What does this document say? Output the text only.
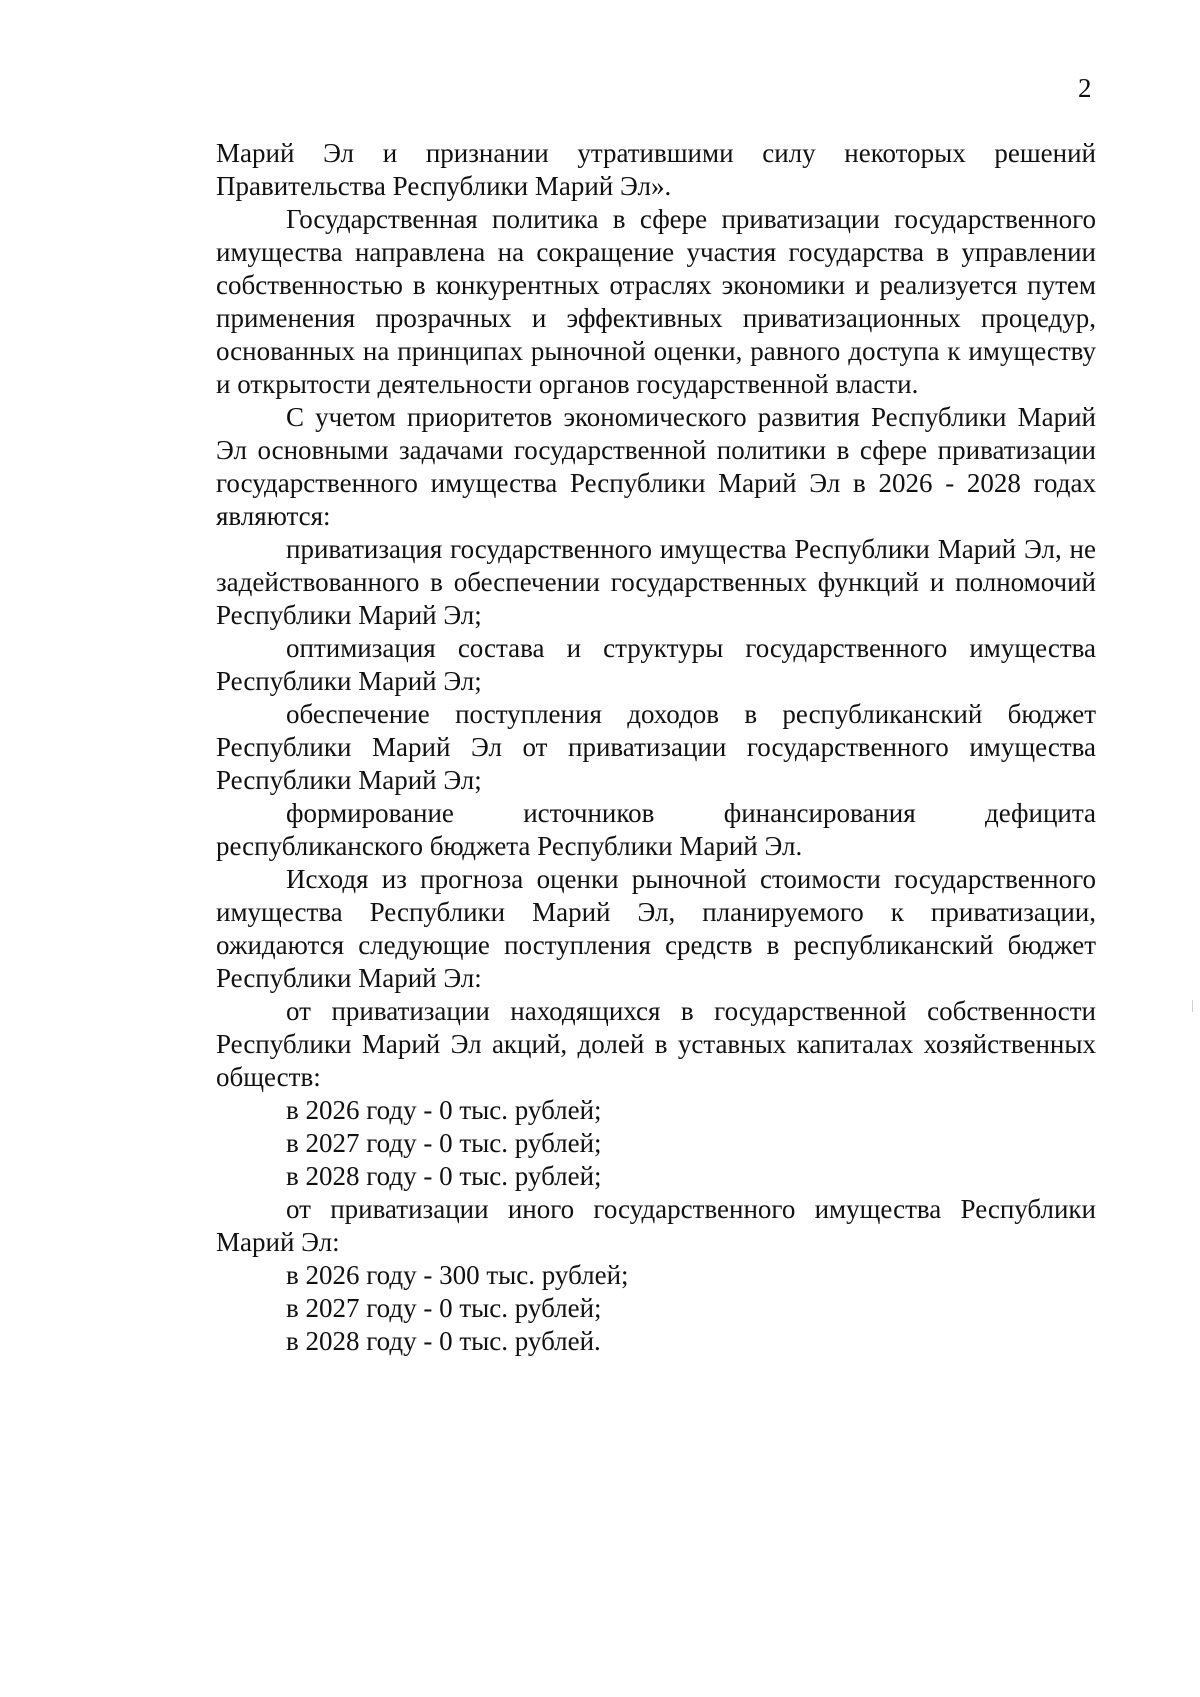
2

Марий Эл и признании утратившими силу некоторых решений Правительства Республики Марий Эл».

Государственная политика в сфере приватизации государственного имущества направлена на сокращение участия государства в управлении собственностью в конкурентных отраслях экономики и реализуется путем применения прозрачных и эффективных приватизационных процедур, основанных на принципах рыночной оценки, равного доступа к имуществу и открытости деятельности органов государственной власти.

С учетом приоритетов экономического развития Республики Марий Эл основными задачами государственной политики в сфере приватизации государственного имущества Республики Марий Эл в 2026 - 2028 годах являются:

приватизация государственного имущества Республики Марий Эл, не задействованного в обеспечении государственных функций и полномочий Республики Марий Эл;

оптимизация состава и структуры государственного имущества Республики Марий Эл;

обеспечение поступления доходов в республиканский бюджет Республики Марий Эл от приватизации государственного имущества Республики Марий Эл;

формирование источников финансирования дефицита республиканского бюджета Республики Марий Эл.

Исходя из прогноза оценки рыночной стоимости государственного имущества Республики Марий Эл, планируемого к приватизации, ожидаются следующие поступления средств в республиканский бюджет Республики Марий Эл:

от приватизации находящихся в государственной собственности Республики Марий Эл акций, долей в уставных капиталах хозяйственных обществ:

в 2026 году - 0 тыс. рублей;

в 2027 году - 0 тыс. рублей;

в 2028 году - 0 тыс. рублей;

от приватизации иного государственного имущества Республики Марий Эл:

в 2026 году - 300 тыс. рублей;

в 2027 году - 0 тыс. рублей;

в 2028 году - 0 тыс. рублей.
